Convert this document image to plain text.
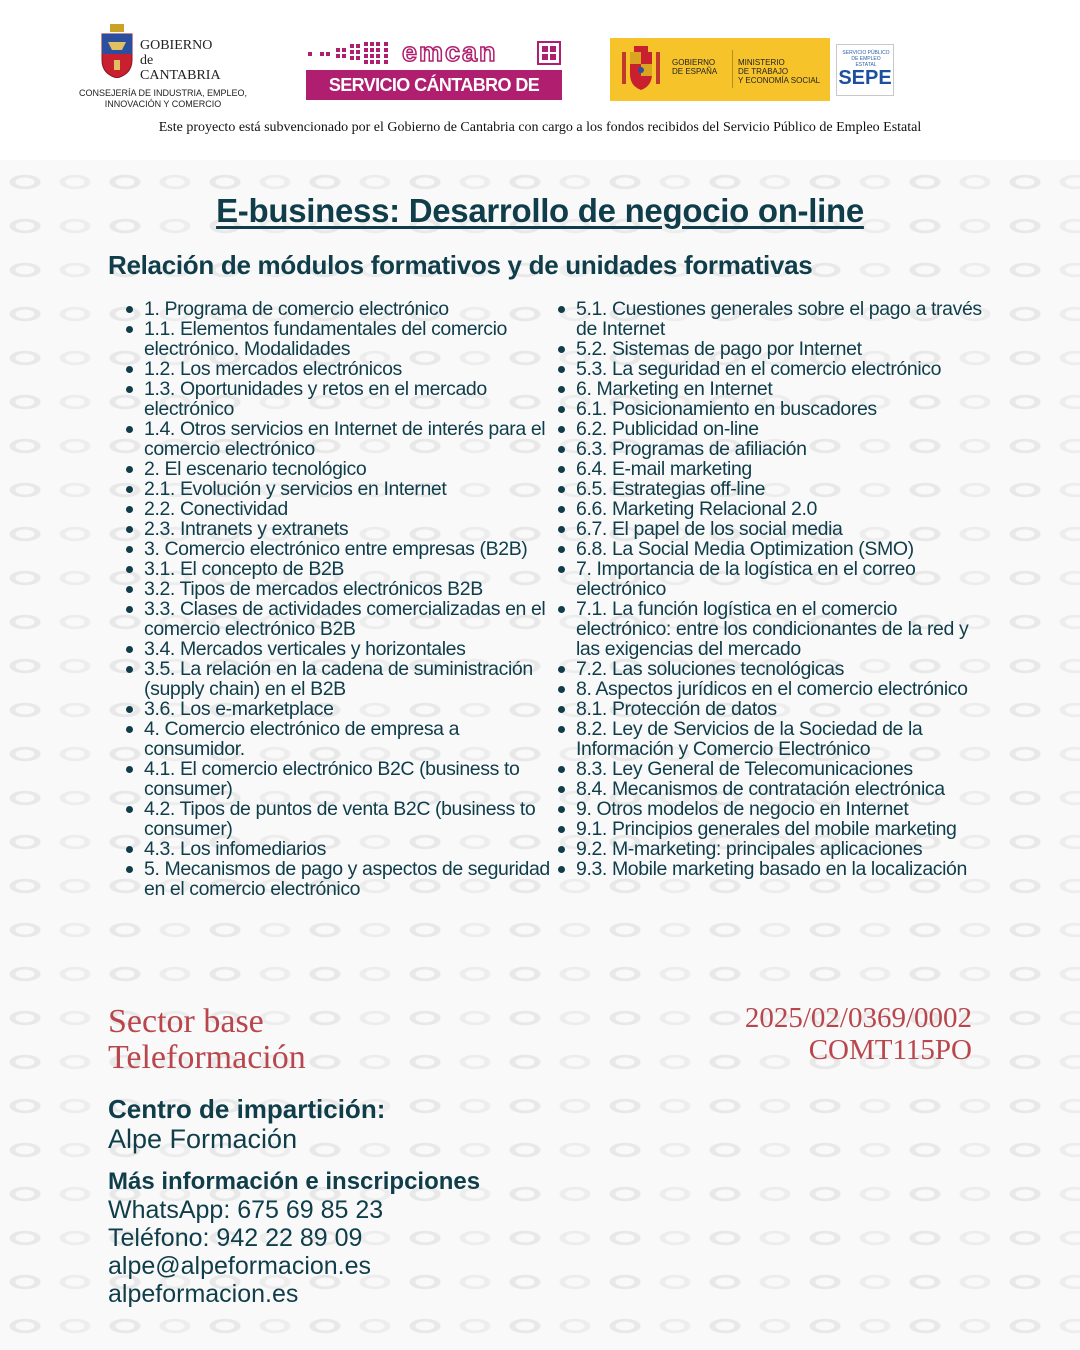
GOBIERNO
de
CANTABRIA
CONSEJERÍA DE INDUSTRIA, EMPLEO,
INNOVACIÓN Y COMERCIO
emcan
SERVICIO CÁNTABRO DE EMPLEO
GOBIERNO
DE ESPAÑA
MINISTERIO
DE TRABAJO
Y ECONOMÍA SOCIAL
SERVICIO PÚBLICO
DE EMPLEO ESTATAL
SEPE
Este proyecto está subvencionado por el Gobierno de Cantabria con cargo a los fondos recibidos del Servicio Público de Empleo Estatal
E-business: Desarrollo de negocio on-line
Relación de módulos formativos y de unidades formativas
1. Programa de comercio electrónico
1.1. Elementos fundamentales del comercio electrónico. Modalidades
1.2. Los mercados electrónicos
1.3. Oportunidades y retos en el mercado electrónico
1.4. Otros servicios en Internet de interés para el comercio electrónico
2. El escenario tecnológico
2.1. Evolución y servicios en Internet
2.2. Conectividad
2.3. Intranets y extranets
3. Comercio electrónico entre empresas (B2B)
3.1. El concepto de B2B
3.2. Tipos de mercados electrónicos B2B
3.3. Clases de actividades comercializadas en el comercio electrónico B2B
3.4. Mercados verticales y horizontales
3.5. La relación en la cadena de suministración (supply chain) en el B2B
3.6. Los e-marketplace
4. Comercio electrónico de empresa a consumidor.
4.1. El comercio electrónico B2C (business to consumer)
4.2. Tipos de puntos de venta B2C (business to consumer)
4.3. Los infomediarios
5. Mecanismos de pago y aspectos de seguridad en el comercio electrónico
5.1. Cuestiones generales sobre el pago a través de Internet
5.2. Sistemas de pago por Internet
5.3. La seguridad en el comercio electrónico
6. Marketing en Internet
6.1. Posicionamiento en buscadores
6.2. Publicidad on-line
6.3. Programas de afiliación
6.4. E-mail marketing
6.5. Estrategias off-line
6.6. Marketing Relacional 2.0
6.7. El papel de los social media
6.8. La Social Media Optimization (SMO)
7. Importancia de la logística en el correo electrónico
7.1. La función logística en el comercio electrónico: entre los condicionantes de la red y las exigencias del mercado
7.2. Las soluciones tecnológicas
8. Aspectos jurídicos en el comercio electrónico
8.1. Protección de datos
8.2. Ley de Servicios de la Sociedad de la Información y Comercio Electrónico
8.3. Ley General de Telecomunicaciones
8.4. Mecanismos de contratación electrónica
9. Otros modelos de negocio en Internet
9.1. Principios generales del mobile marketing
9.2. M-marketing: principales aplicaciones
9.3. Mobile marketing basado en la localización
Sector base
Teleformación
2025/02/0369/0002
COMT115PO
Centro de impartición:
Alpe Formación
Más información e inscripciones
WhatsApp: 675 69 85 23
Teléfono: 942 22 89 09
alpe@alpeformacion.es
alpeformacion.es
